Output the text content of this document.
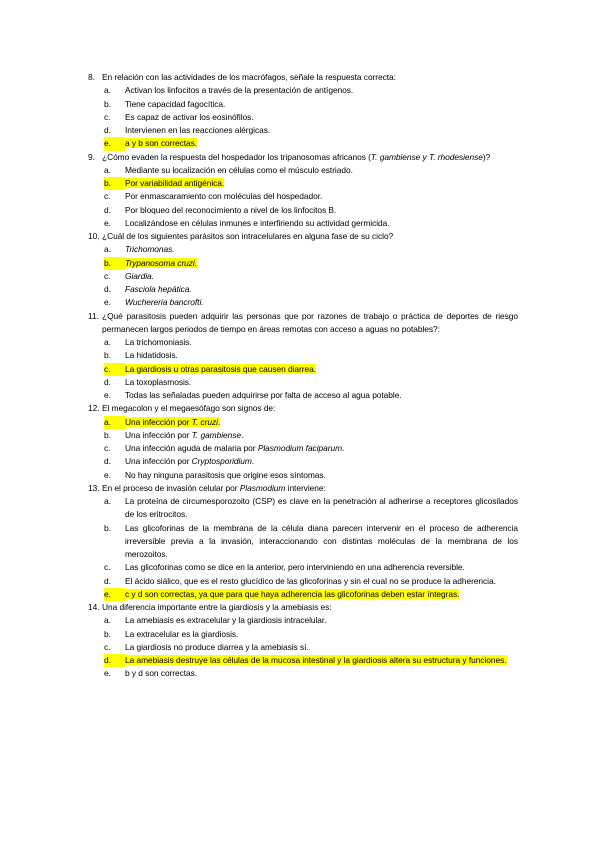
8. En relación con las actividades de los macrófagos, señale la respuesta correcta:
a.	Activan los linfocitos a través de la presentación de antígenos.
b.	Tiene capacidad fagocítica.
c.	Es capaz de activar los eosinófilos.
d.	Intervienen en las reacciones alérgicas.
e.	a y b son correctas.
9. ¿Cómo evaden la respuesta del hospedador los tripanosomas africanos (T. gambiense y T. rhodesiense)?
a.	Mediante su localización en células como el músculo estriado.
b.	Por variabilidad antigénica.
c.	Por enmascaramiento con moléculas del hospedador.
d.	Por bloqueo del reconocimiento a nivel de los linfocitos B.
e.	Localizándose en células inmunes e interfiriendo su actividad germicida.
10. ¿Cuál de los siguientes parásitos son intracelulares en alguna fase de su ciclo?
a.	Trichomonas.
b.	Trypanosoma cruzi.
c.	Giardia.
d.	Fasciola hepática.
e.	Wuchereria bancrofti.
11. ¿Qué parasitosis pueden adquirir las personas que por razones de trabajo o práctica de deportes de riesgo permanecen largos periodos de tiempo en áreas remotas con acceso a aguas no potables?:
a.	La trichomoniasis.
b.	La hidatidosis.
c.	La giardiosis u otras parasitosis que causen diarrea.
d.	La toxoplasmosis.
e.	Todas las señaladas pueden adquirirse por falta de acceso al agua potable.
12. El megacolon y el megaesófago son signos de:
a.	Una infección por T. cruzi.
b.	Una infección por T. gambiense.
c.	Una infección aguda de malaria por Plasmodium faciparum.
d.	Una infección por Cryptosporidium.
e.	No hay ninguna parasitosis que origine esos síntomas.
13. En el proceso de invasión celular por Plasmodium interviene:
a.	La proteína de circumesporozoito (CSP) es clave en la penetración al adherirse a receptores glicosilados de los eritrocitos.
b.	Las glicoforinas de la membrana de la célula diana parecen intervenir en el proceso de adherencia irreversible previa a la invasión, interaccionando con distintas moléculas de la membrana de los merozoitos.
c.	Las glicoforinas como se dice en la anterior, pero interviniendo en una adherencia reversible.
d.	El ácido siálico, que es el resto glucídico de las glicoforinas y sin el cual no se produce la adherencia.
e.	c y d son correctas, ya que para que haya adherencia las glicoforinas deben estar íntegras.
14. Una diferencia importante entre la giardiosis y la amebiasis es:
a.	La amebiasis es extracelular y la giardiosis intracelular.
b.	La extracelular es la giardiosis.
c.	La giardiosis no produce diarrea y la amebiasis sí.
d.	La amebiasis destruye las células de la mucosa intestinal y la giardiosis altera su estructura y funciones.
e.	b y d son correctas.
